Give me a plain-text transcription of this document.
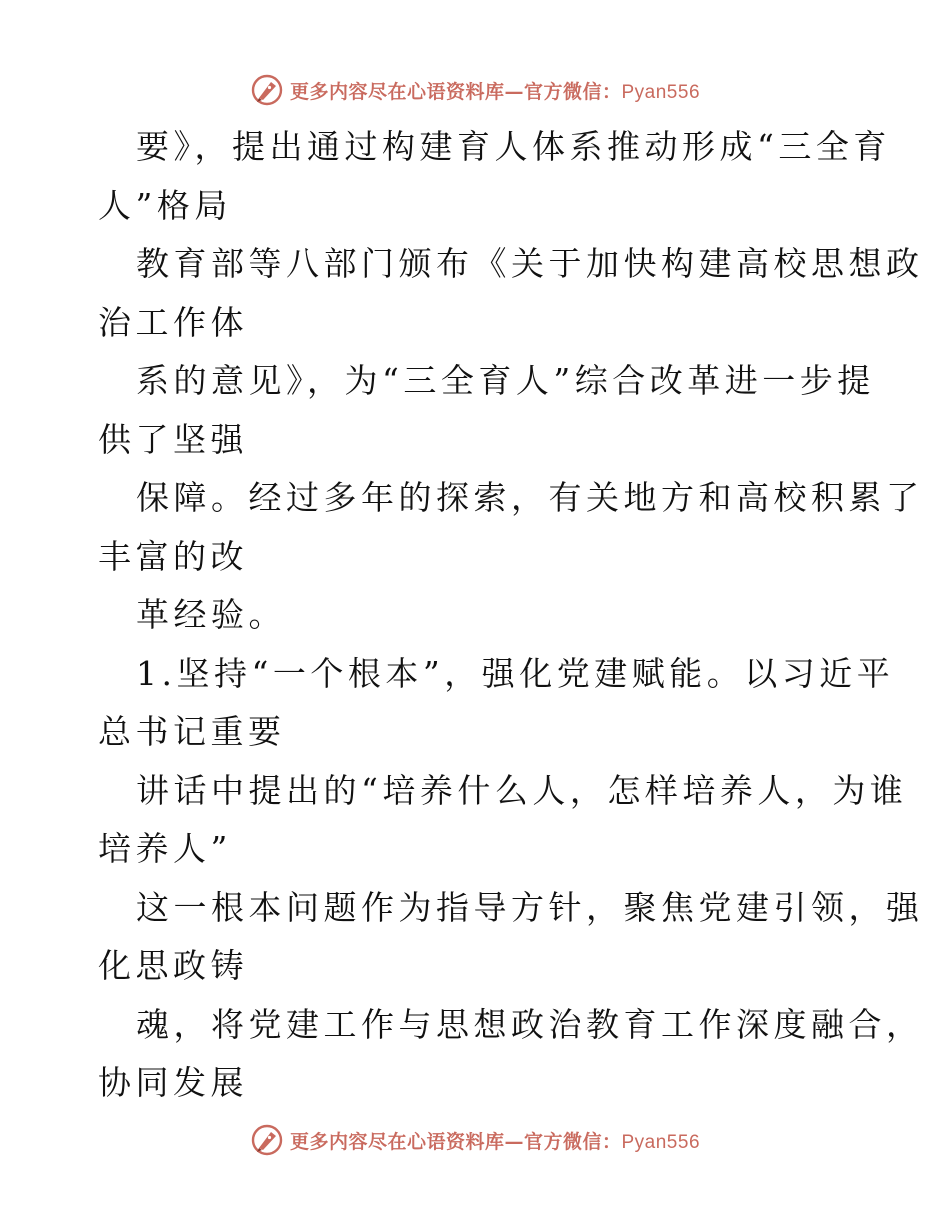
更多内容尽在心语资料库—官方微信：Pyan556
要》，提出通过构建育人体系推动形成“三全育
人”格局
教育部等八部门颁布《关于加快构建高校思想政
治工作体
系的意见》，为“三全育人”综合改革进一步提
供了坚强
保障。经过多年的探索，有关地方和高校积累了
丰富的改
革经验。
1.坚持“一个根本”，强化党建赋能。以习近平
总书记重要
讲话中提出的“培养什么人，怎样培养人，为谁
培养人”
这一根本问题作为指导方针，聚焦党建引领，强
化思政铸
魂，将党建工作与思想政治教育工作深度融合，
协同发展
更多内容尽在心语资料库—官方微信：Pyan556
